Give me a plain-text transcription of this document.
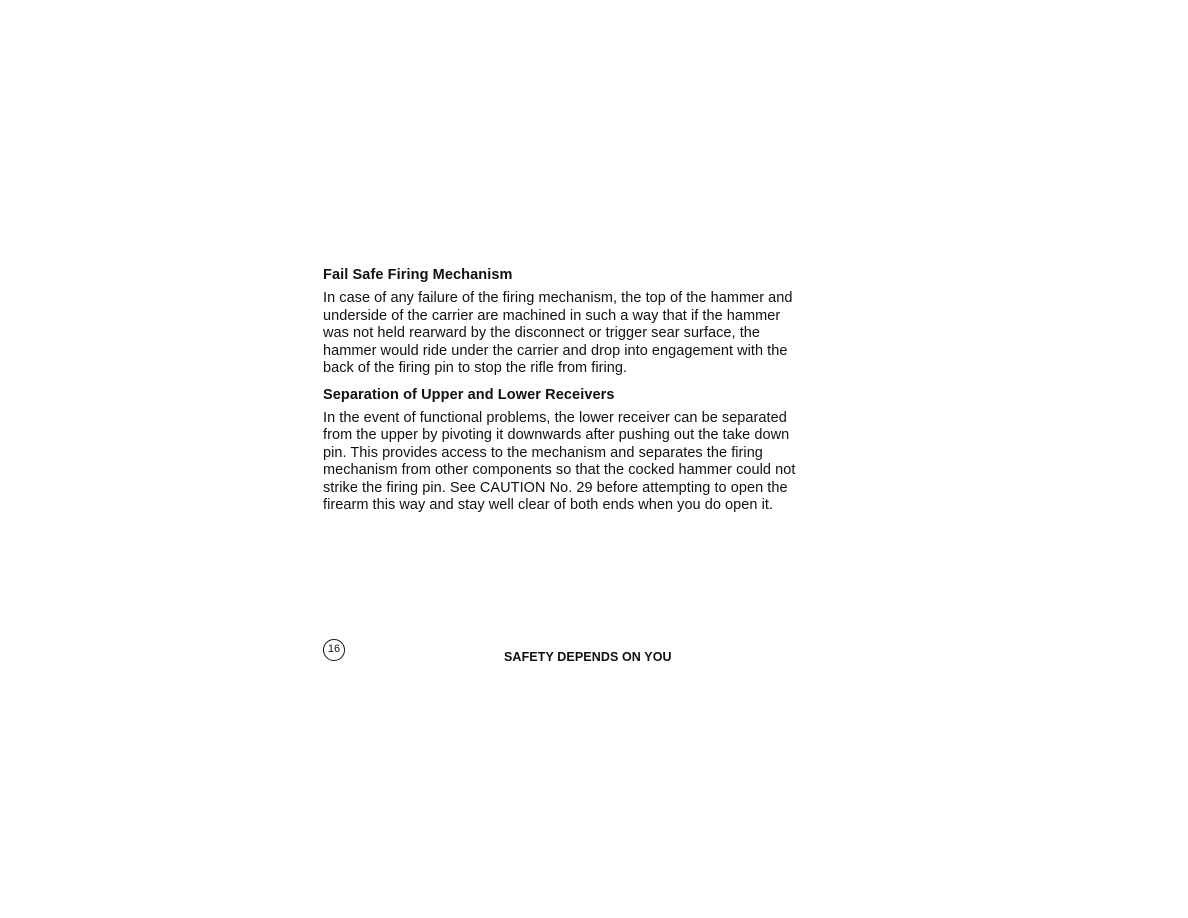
Fail Safe Firing Mechanism
In case of any failure of the firing mechanism, the top of the hammer and
underside of the carrier are machined in such a way that if the hammer
was not held rearward by the disconnect or trigger sear surface, the
hammer would ride under the carrier and drop into engagement with the
back of the firing pin to stop the rifle from firing.
Separation of Upper and Lower Receivers
In the event of functional problems, the lower receiver can be separated
from the upper by pivoting it downwards after pushing out the take down
pin. This provides access to the mechanism and separates the firing
mechanism from other components so that the cocked hammer could not
strike the firing pin. See CAUTION No. 29 before attempting to open the
firearm this way and stay well clear of both ends when you do open it.
16
SAFETY DEPENDS ON YOU
